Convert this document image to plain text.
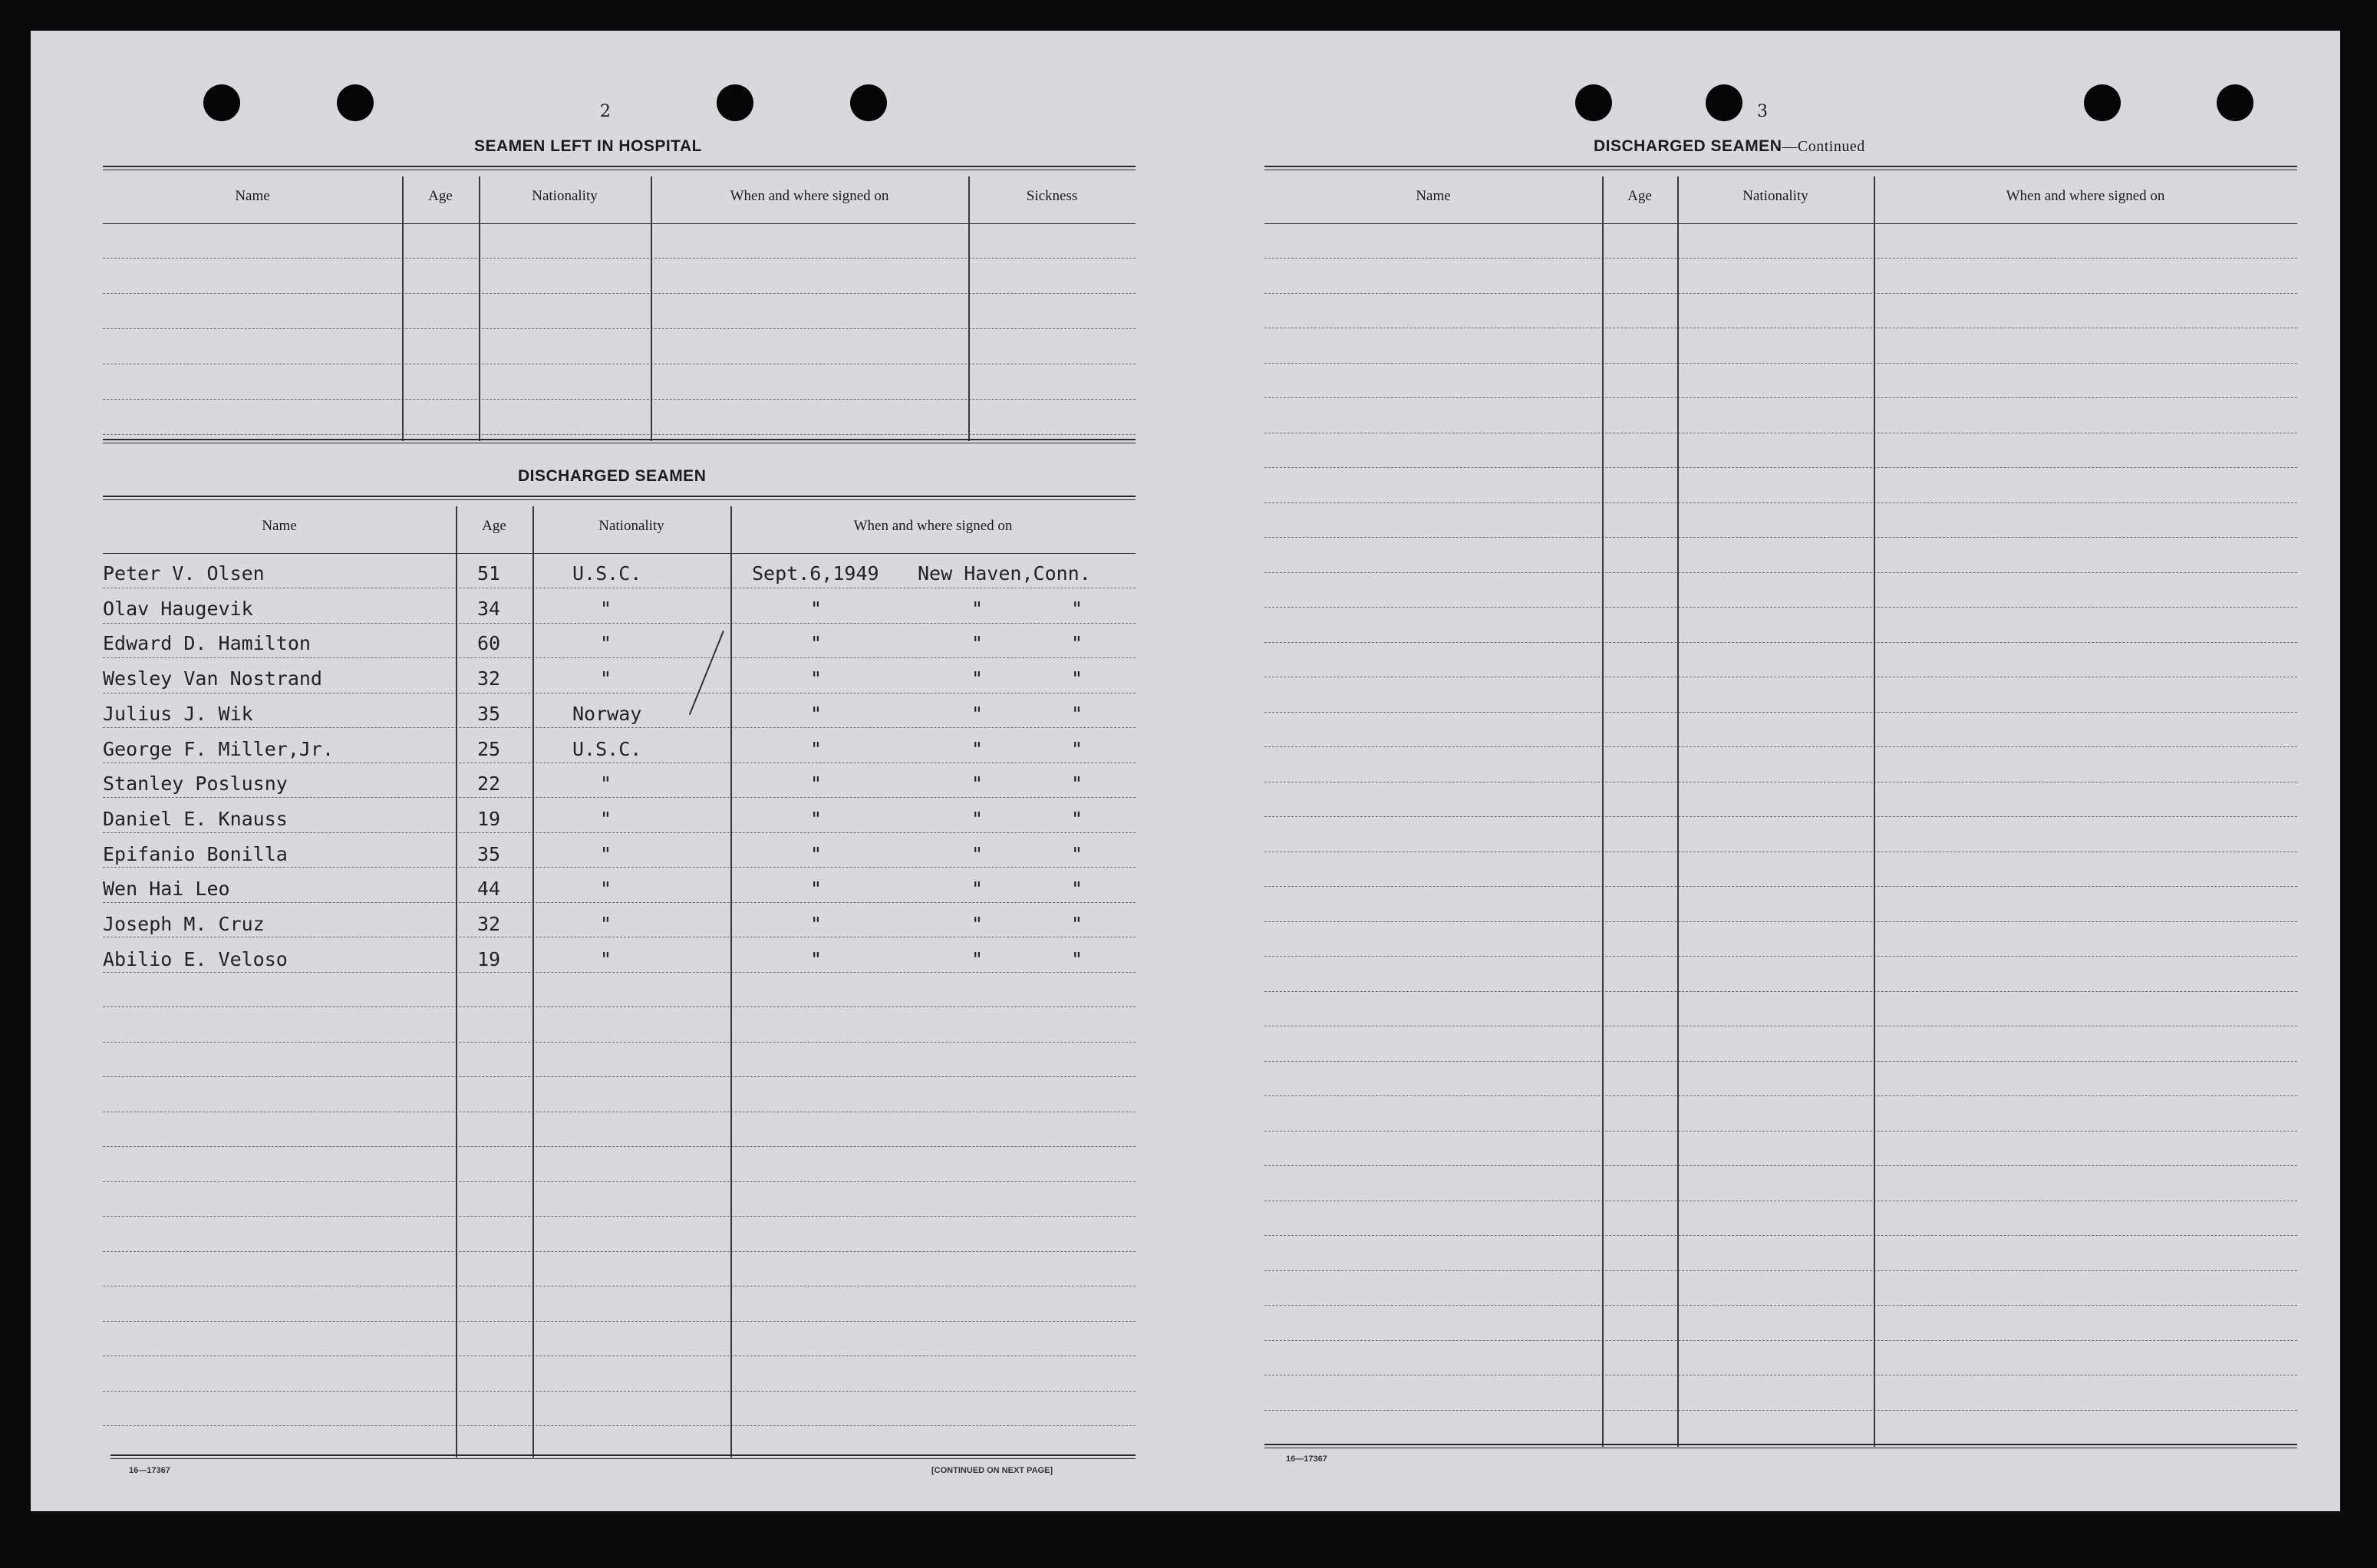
2
SEAMEN LEFT IN HOSPITAL
Name	Age	Nationality	When and where signed on	Sickness
DISCHARGED SEAMEN
Name	Age	Nationality	When and where signed on
Peter V. Olsen	51	U.S.C.	Sept.6,1949 New Haven,Conn.
Olav Haugevik	34	"	"	"	"
Edward D. Hamilton	60	"	"	"	"
Wesley Van Nostrand	32	"	"	"	"
Julius J. Wik	35	Norway	"	"	"
George F. Miller,Jr.	25	U.S.C.	"	"	"
Stanley Poslusny	22	"	"	"	"
Daniel E. Knauss	19	"	"	"	"
Epifanio Bonilla	35	"	"	"	"
Wen Hai Leo	44	"	"	"	"
Joseph M. Cruz	32	"	"	"	"
Abilio E. Veloso	19	"	"	"	"
16—17367	[CONTINUED ON NEXT PAGE]
3
DISCHARGED SEAMEN—Continued
Name	Age	Nationality	When and where signed on
16—17367
